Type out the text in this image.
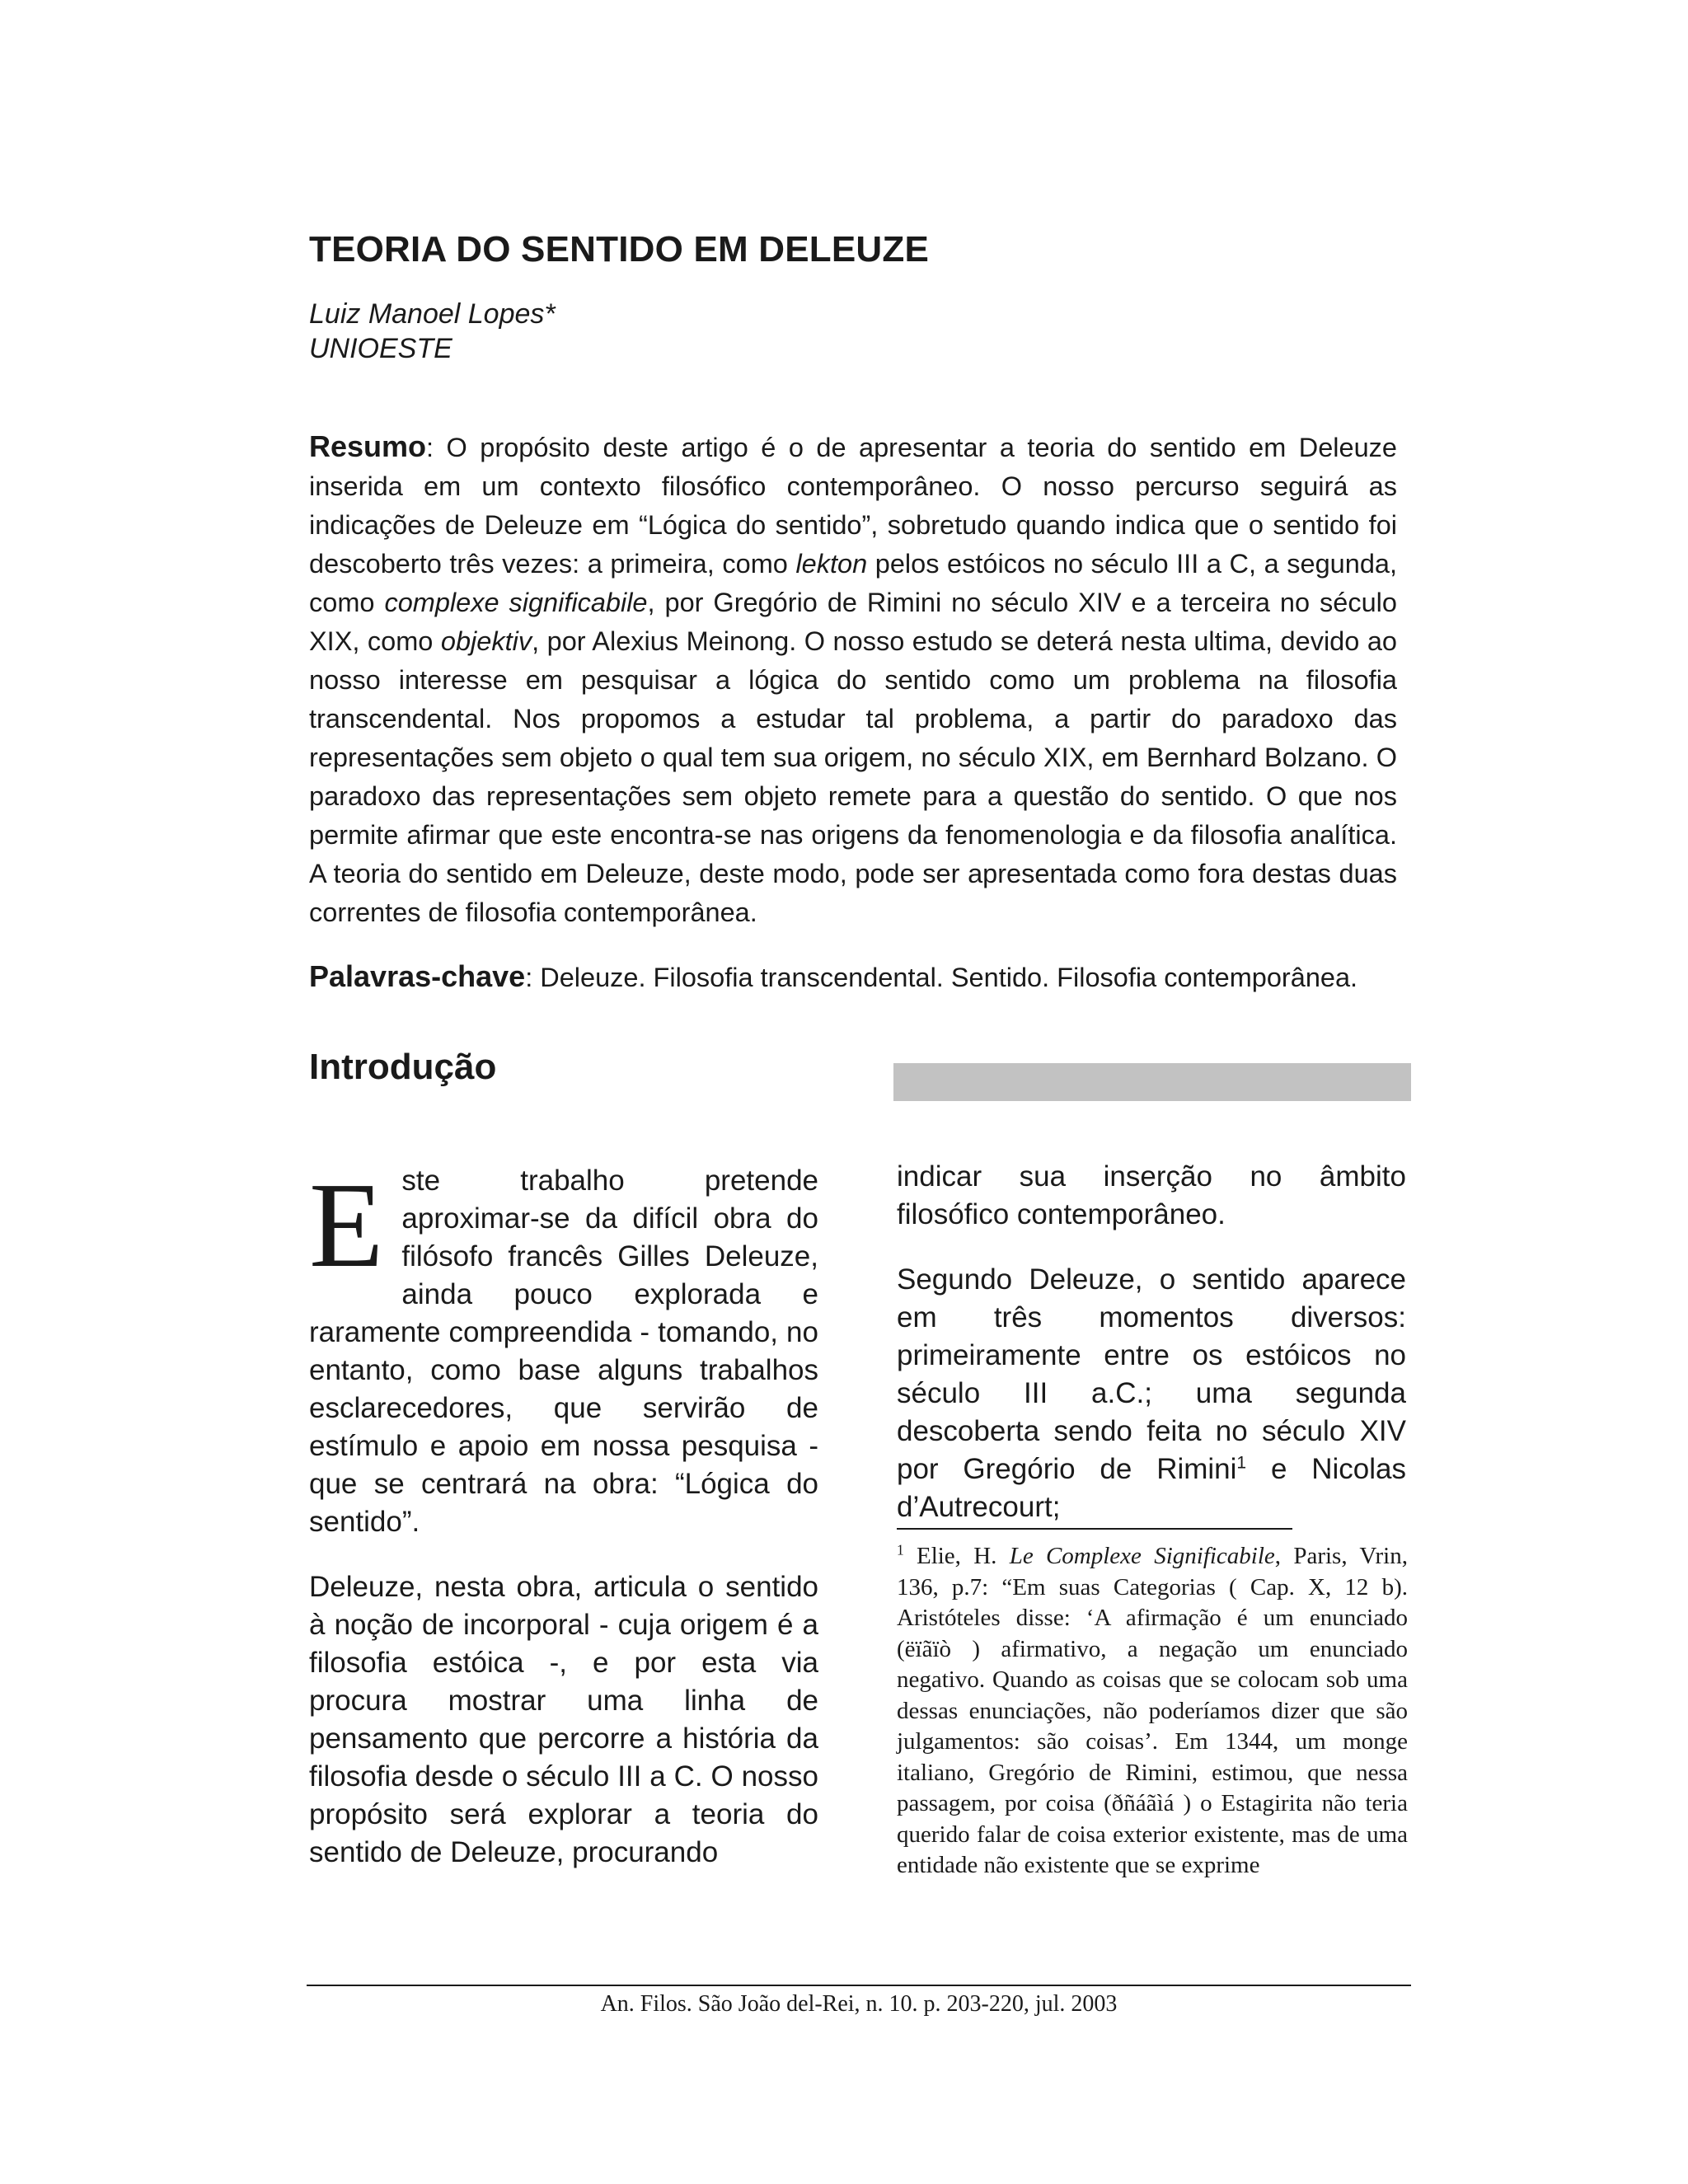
TEORIA DO SENTIDO EM DELEUZE
Luiz Manoel Lopes*
UNIOESTE

Resumo: O propósito deste artigo é o de apresentar a teoria do sentido em Deleuze inserida em um contexto filosófico contemporâneo. O nosso percurso seguirá as indicações de Deleuze em “Lógica do sentido”, sobretudo quando indica que o sentido foi descoberto três vezes: a primeira, como lekton pelos estóicos no século III a C, a segunda, como complexe significabile, por Gregório de Rimini no século XIV e a terceira no século XIX, como objektiv, por Alexius Meinong. O nosso estudo se deterá nesta ultima, devido ao nosso interesse em pesquisar a lógica do sentido como um problema na filosofia transcendental. Nos propomos a estudar tal problema, a partir do paradoxo das representações sem objeto o qual tem sua origem, no século XIX, em Bernhard Bolzano. O paradoxo das representações sem objeto remete para a questão do sentido. O que nos permite afirmar que este encontra-se nas origens da fenomenologia e da filosofia analítica. A teoria do sentido em Deleuze, deste modo, pode ser apresentada como fora destas duas correntes de filosofia contemporânea.

Palavras-chave: Deleuze. Filosofia transcendental. Sentido. Filosofia contemporânea.

Introdução

Este trabalho pretende aproximar-se da difícil obra do filósofo francês Gilles Deleuze, ainda pouco explorada e raramente compreendida - tomando, no entanto, como base alguns trabalhos esclarecedores, que servirão de estímulo e apoio em nossa pesquisa - que se centrará na obra: “Lógica do sentido”.

Deleuze, nesta obra, articula o sentido à noção de incorporal - cuja origem é a filosofia estóica -, e por esta via procura mostrar uma linha de pensamento que percorre a história da filosofia desde o século III a C. O nosso propósito será explorar a teoria do sentido de Deleuze, procurando

indicar sua inserção no âmbito filosófico contemporâneo.

Segundo Deleuze, o sentido aparece em três momentos diversos: primeiramente entre os estóicos no século III a.C.; uma segunda descoberta sendo feita no século XIV por Gregório de Rimini$^1$ e Nicolas d’Autrecourt;

$^1$ Elie, H. Le Complexe Significabile, Paris, Vrin, 136, p.7: “Em suas Categorias ( Cap. X, 12 b). Aristóteles disse: ‘A afirmação é um enunciado (ëïãïò ) afirmativo, a negação um enunciado negativo. Quando as coisas que se colocam sob uma dessas enunciações, não poderíamos dizer que são julgamentos: são coisas’. Em 1344, um monge italiano, Gregório de Rimini, estimou, que nessa passagem, por coisa (ðñáãìá ) o Estagirita não teria querido falar de coisa exterior existente, mas de uma entidade não existente que se exprime

An. Filos. São João del-Rei, n. 10. p. 203-220, jul. 2003
